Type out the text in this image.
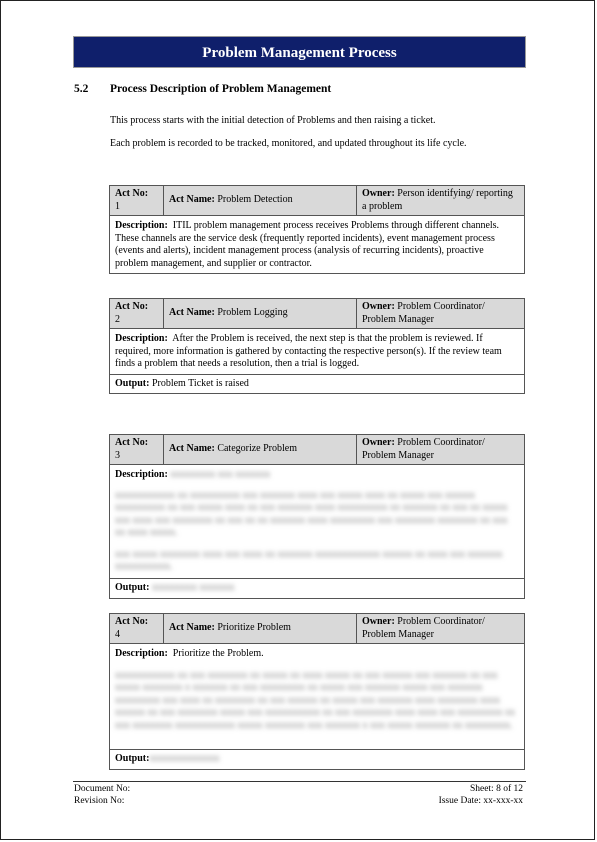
Problem Management Process
5.2 Process Description of Problem Management

This process starts with the initial detection of Problems and then raising a ticket.

Each problem is recorded to be tracked, monitored, and updated throughout its life cycle.

Act No:
1
Act Name: Problem Detection
Owner: Person identifying/ reporting a problem
Description: ITIL problem management process receives Problems through different channels. These channels are the service desk (frequently reported incidents), event management process (events and alerts), incident management process (analysis of recurring incidents), proactive problem management, and supplier or contractor.
Act No:
2
Act Name: Problem Logging
Owner: Problem Coordinator/ Problem Manager
Description: After the Problem is received, the next step is that the problem is reviewed. If required, more information is gathered by contacting the respective person(s). If the review team finds a problem that needs a resolution, then a trial is logged.
Output: Problem Ticket is raised
Act No:
3
Act Name: Categorize Problem
Owner: Problem Coordinator/ Problem Manager
Description: xxxxxxxxx xxx xxxxxxx

xxxxxxxxxxxx xx xxxxxxxxxx xxx xxxxxxx xxxx xxx xxxxx xxxx xx xxxxx xxx xxxxxx xxxxxxxxxx xx xxx xxxxx xxxx xx xxx xxxxxxx xxxx xxxxxxxxxx xx xxxxxxx xx xxx xx xxxxx xxx xxxx xxx xxxxxxxx xx xxx xx xx xxxxxxx xxxx xxxxxxxxx xxx xxxxxxxx xxxxxxxx xx xxx xx xxxx xxxxx.

xxx xxxxx xxxxxxxx xxxx xxx xxxx xx xxxxxxx xxxxxxxxxxxxx xxxxxx xx xxxx xxx xxxxxxx xxxxxxxxxxx.

Output: xxxxxxxxx xxxxxxx
Act No:
4
Act Name: Prioritize Problem
Owner: Problem Coordinator/ Problem Manager
Description: Prioritize the Problem.

xxxxxxxxxxxx xx xxx xxxxxxxx xx xxxxx xx xxxx xxxxx xx xxx xxxxxx xxx xxxxxxx xx xxx xxxxx xxxxxxxx x xxxxxxx xx xxx xxxxxxxxx xx xxxxx xxx xxxxxxx xxxxx xxx xxxxxxx xxxxxxxxx xxx xxxx xx xxxxxxxx xx xxx xxxxxx xx xxxxx xxx xxxxxxx xxxx xxxxxxxx xxxx xxxxxx xx xxx xxxxxxxx xxxxx xxx xxxxxxxxxxx xx xxx xxxxxxxx xxxx xxxx xxx xxxxxxxxx xx xxx xxxxxxxx xxxxxxxxxxxx xxxxx xxxxxxxx xxx xxxxxxx x xxx xxxxx xxxxxxx xx xxxxxxxxx.

Output:xxxxxxxxxxxxxx
Document No:
Revision No:
Sheet: 8 of 12
Issue Date: xx-xxx-xx
